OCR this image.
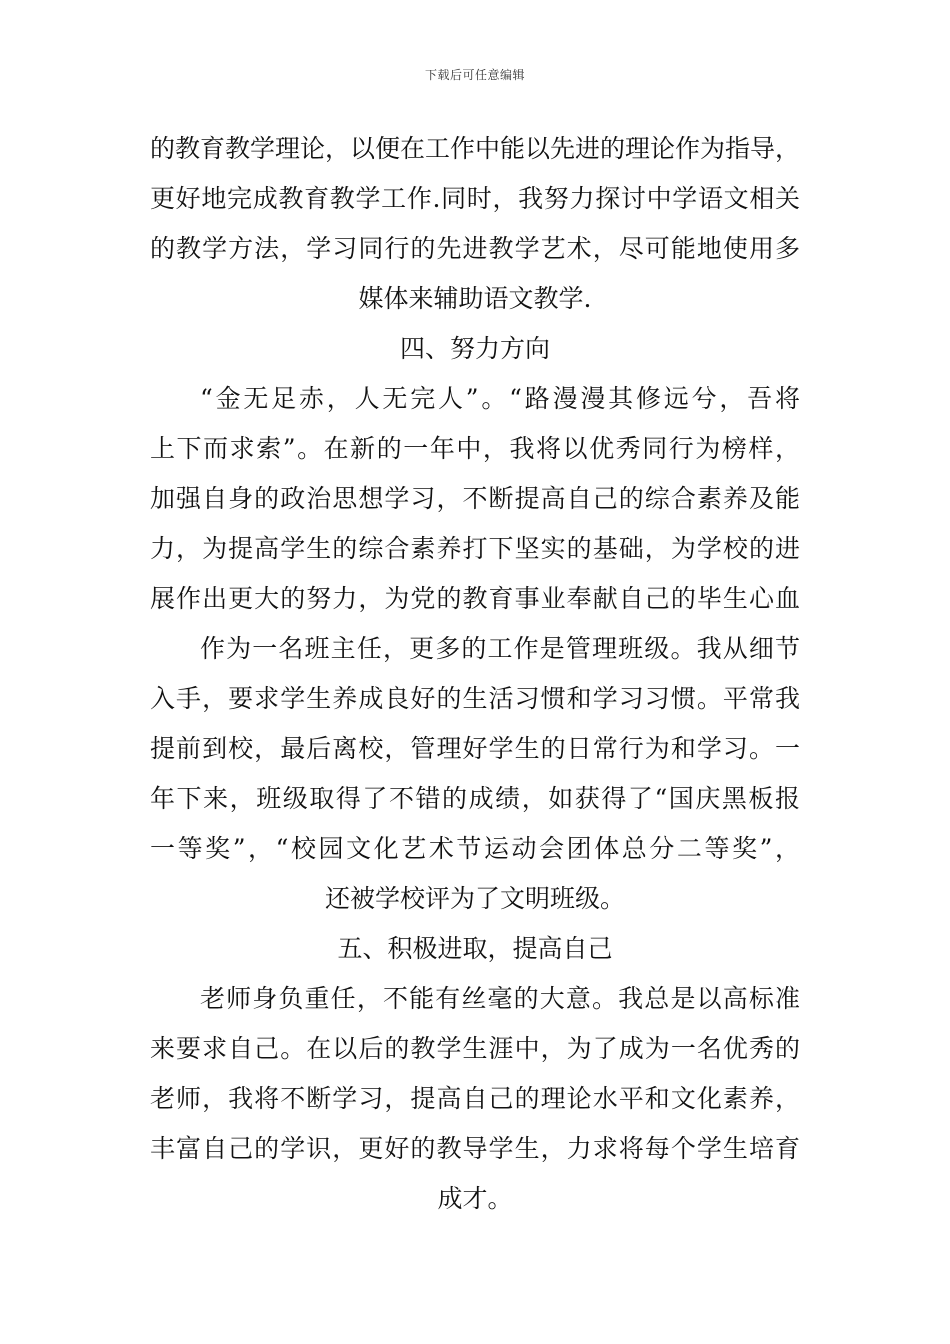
下载后可任意编辑
的教育教学理论，以便在工作中能以先进的理论作为指导，
更好地完成教育教学工作.同时，我努力探讨中学语文相关
的教学方法，学习同行的先进教学艺术，尽可能地使用多
媒体来辅助语文教学.
四、努力方向
“金无足赤，人无完人”。“路漫漫其修远兮，吾将
上下而求索”。在新的一年中，我将以优秀同行为榜样，
加强自身的政治思想学习，不断提高自己的综合素养及能
力，为提高学生的综合素养打下坚实的基础，为学校的进
展作出更大的努力，为党的教育事业奉献自己的毕生心血
作为一名班主任，更多的工作是管理班级。我从细节
入手，要求学生养成良好的生活习惯和学习习惯。平常我
提前到校，最后离校，管理好学生的日常行为和学习。一
年下来，班级取得了不错的成绩，如获得了“国庆黑板报
一等奖”，“校园文化艺术节运动会团体总分二等奖”，
还被学校评为了文明班级。
五、积极进取，提高自己
老师身负重任，不能有丝毫的大意。我总是以高标准
来要求自己。在以后的教学生涯中，为了成为一名优秀的
老师，我将不断学习，提高自己的理论水平和文化素养，
丰富自己的学识，更好的教导学生，力求将每个学生培育
成才。
